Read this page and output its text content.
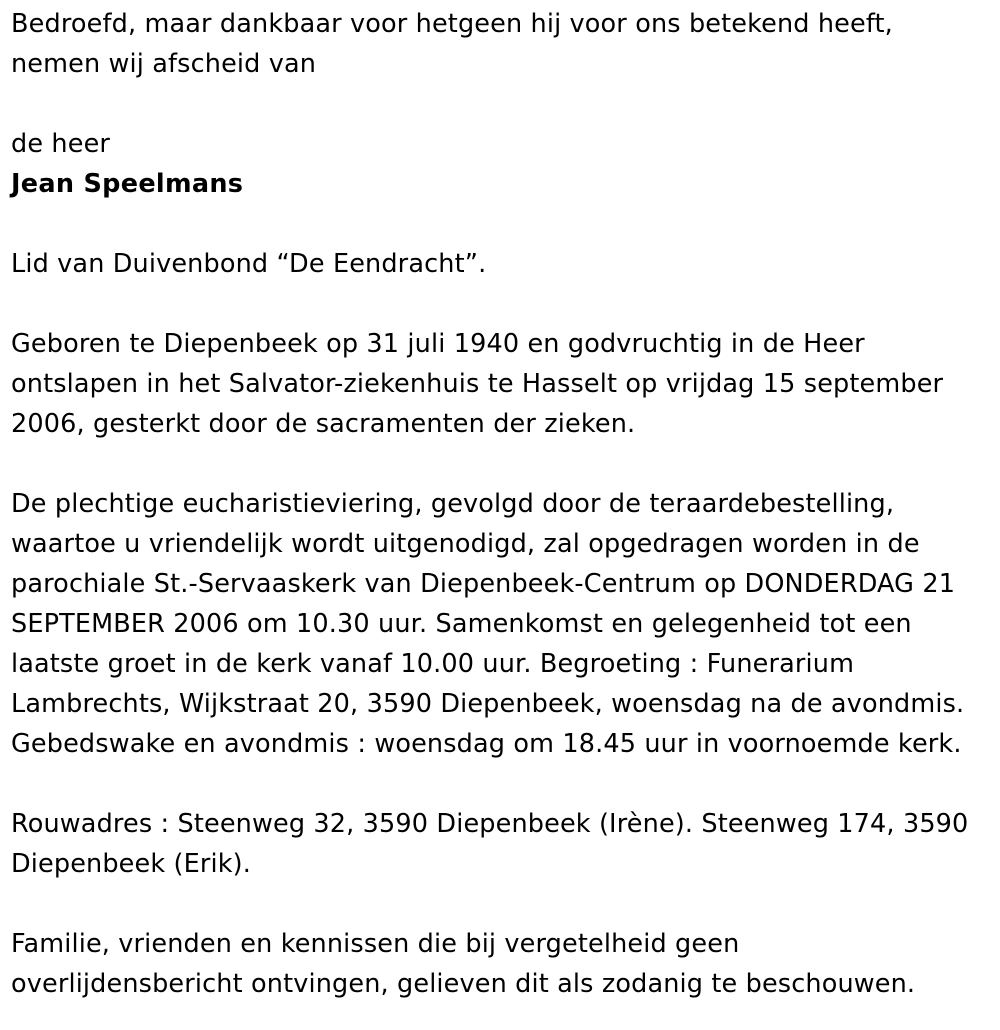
Bedroefd, maar dankbaar voor hetgeen hij voor ons betekend heeft,
nemen wij afscheid van
de heer
Jean Speelmans
Lid van Duivenbond “De Eendracht”.
Geboren te Diepenbeek op 31 juli 1940 en godvruchtig in de Heer
ontslapen in het Salvator-ziekenhuis te Hasselt op vrijdag 15 september
2006, gesterkt door de sacramenten der zieken.
De plechtige eucharistieviering, gevolgd door de teraardebestelling,
waartoe u vriendelijk wordt uitgenodigd, zal opgedragen worden in de
parochiale St.-Servaaskerk van Diepenbeek-Centrum op DONDERDAG 21
SEPTEMBER 2006 om 10.30 uur. Samenkomst en gelegenheid tot een
laatste groet in de kerk vanaf 10.00 uur. Begroeting : Funerarium
Lambrechts, Wijkstraat 20, 3590 Diepenbeek, woensdag na de avondmis.
Gebedswake en avondmis : woensdag om 18.45 uur in voornoemde kerk.
Rouwadres : Steenweg 32, 3590 Diepenbeek (Irène). Steenweg 174, 3590
Diepenbeek (Erik).
Familie, vrienden en kennissen die bij vergetelheid geen
overlijdensbericht ontvingen, gelieven dit als zodanig te beschouwen.
